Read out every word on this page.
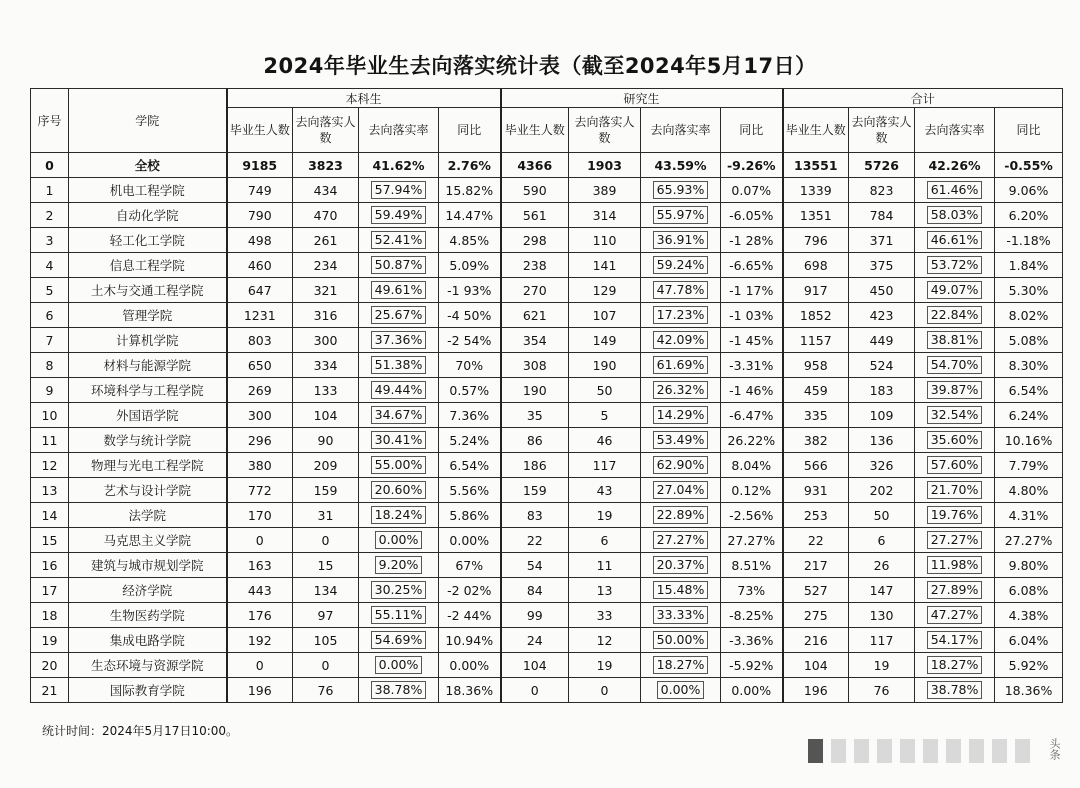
2024年毕业生去向落实统计表（截至2024年5月17日）
序号	学院	本科生				研究生				合计			
		毕业生人数	去向落实人数	去向落实率	同比	毕业生人数	去向落实人数	去向落实率	同比	毕业生人数	去向落实人数	去向落实率	同比
0	全校	9185	3823	41.62%	2.76%	4366	1903	43.59%	-9.26%	13551	5726	42.26%	-0.55%
1	机电工程学院	749	434	57.94%	15.82%	590	389	65.93%	0.07%	1339	823	61.46%	9.06%
2	自动化学院	790	470	59.49%	14.47%	561	314	55.97%	-6.05%	1351	784	58.03%	6.20%
3	轻工化工学院	498	261	52.41%	4.85%	298	110	36.91%	-1 28%	796	371	46.61%	-1.18%
4	信息工程学院	460	234	50.87%	5.09%	238	141	59.24%	-6.65%	698	375	53.72%	1.84%
5	土木与交通工程学院	647	321	49.61%	-1 93%	270	129	47.78%	-1 17%	917	450	49.07%	5.30%
6	管理学院	1231	316	25.67%	-4 50%	621	107	17.23%	-1 03%	1852	423	22.84%	8.02%
7	计算机学院	803	300	37.36%	-2 54%	354	149	42.09%	-1 45%	1157	449	38.81%	5.08%
8	材料与能源学院	650	334	51.38%	70%	308	190	61.69%	-3.31%	958	524	54.70%	8.30%
9	环境科学与工程学院	269	133	49.44%	0.57%	190	50	26.32%	-1 46%	459	183	39.87%	6.54%
10	外国语学院	300	104	34.67%	7.36%	35	5	14.29%	-6.47%	335	109	32.54%	6.24%
11	数学与统计学院	296	90	30.41%	5.24%	86	46	53.49%	26.22%	382	136	35.60%	10.16%
12	物理与光电工程学院	380	209	55.00%	6.54%	186	117	62.90%	8.04%	566	326	57.60%	7.79%
13	艺术与设计学院	772	159	20.60%	5.56%	159	43	27.04%	0.12%	931	202	21.70%	4.80%
14	法学院	170	31	18.24%	5.86%	83	19	22.89%	-2.56%	253	50	19.76%	4.31%
15	马克思主义学院	0	0	0.00%	0.00%	22	6	27.27%	27.27%	22	6	27.27%	27.27%
16	建筑与城市规划学院	163	15	9.20%	67%	54	11	20.37%	8.51%	217	26	11.98%	9.80%
17	经济学院	443	134	30.25%	-2 02%	84	13	15.48%	73%	527	147	27.89%	6.08%
18	生物医药学院	176	97	55.11%	-2 44%	99	33	33.33%	-8.25%	275	130	47.27%	4.38%
19	集成电路学院	192	105	54.69%	10.94%	24	12	50.00%	-3.36%	216	117	54.17%	6.04%
20	生态环境与资源学院	0	0	0.00%	0.00%	104	19	18.27%	-5.92%	104	19	18.27%	5.92%
21	国际教育学院	196	76	38.78%	18.36%	0	0	0.00%	0.00%	196	76	38.78%	18.36%
统计时间：2024年5月17日10:00。
头条
